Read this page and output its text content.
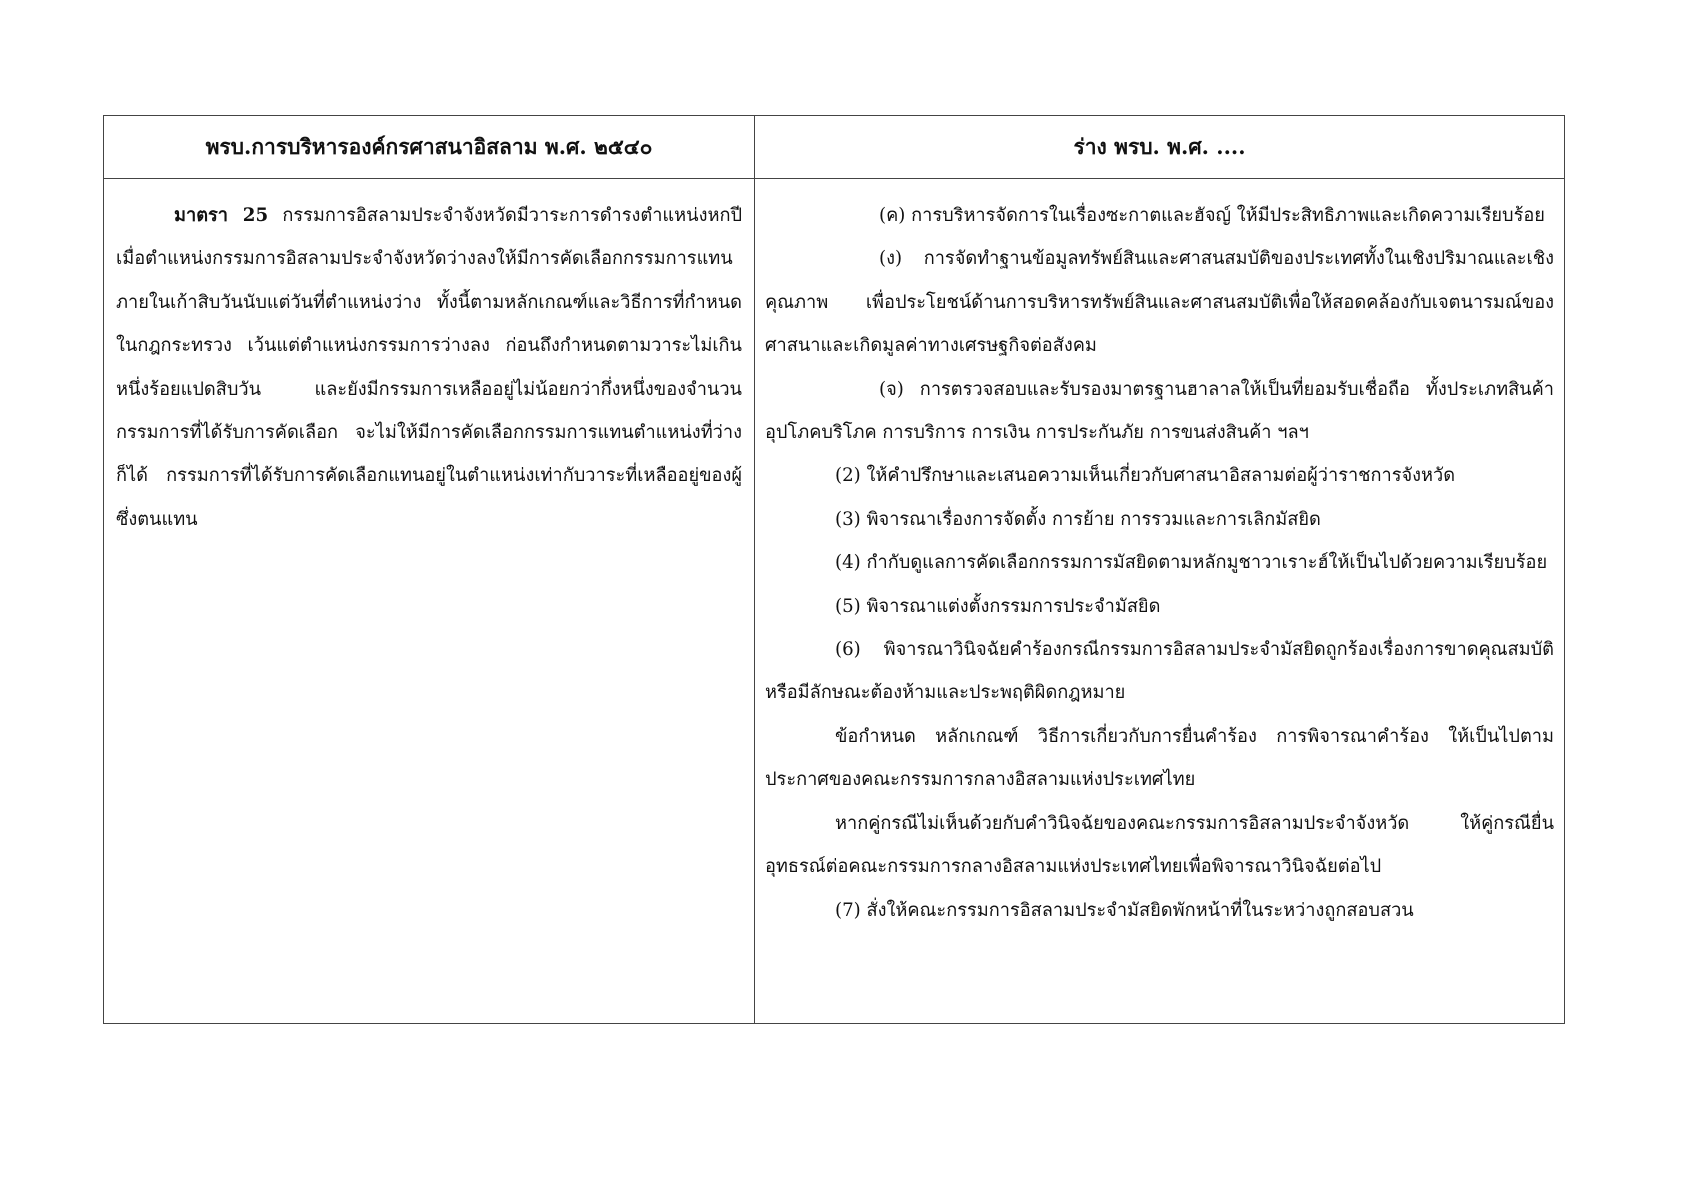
พรบ.การบริหารองค์กรศาสนาอิสลาม พ.ศ. ๒๕๔๐	ร่าง พรบ. พ.ศ. ....

มาตรา 25 กรรมการอิสลามประจำจังหวัดมีวาระการดำรงตำแหน่งหกปี เมื่อตำแหน่งกรรมการอิสลามประจำจังหวัดว่างลงให้มีการคัดเลือกกรรมการแทนภายในเก้าสิบวันนับแต่วันที่ตำแหน่งว่าง ทั้งนี้ตามหลักเกณฑ์และวิธีการที่กำหนดในกฎกระทรวง เว้นแต่ตำแหน่งกรรมการว่างลง ก่อนถึงกำหนดตามวาระไม่เกินหนึ่งร้อยแปดสิบวัน และยังมีกรรมการเหลืออยู่ไม่น้อยกว่ากึ่งหนึ่งของจำนวนกรรมการที่ได้รับการคัดเลือก จะไม่ให้มีการคัดเลือกกรรมการแทนตำแหน่งที่ว่างก็ได้ กรรมการที่ได้รับการคัดเลือกแทนอยู่ในตำแหน่งเท่ากับวาระที่เหลืออยู่ของผู้ซึ่งตนแทน

(ค) การบริหารจัดการในเรื่องซะกาตและฮัจญ์ ให้มีประสิทธิภาพและเกิดความเรียบร้อย

(ง) การจัดทำฐานข้อมูลทรัพย์สินและศาสนสมบัติของประเทศทั้งในเชิงปริมาณและเชิงคุณภาพ เพื่อประโยชน์ด้านการบริหารทรัพย์สินและศาสนสมบัติเพื่อให้สอดคล้องกับเจตนารมณ์ของศาสนาและเกิดมูลค่าทางเศรษฐกิจต่อสังคม

(จ) การตรวจสอบและรับรองมาตรฐานฮาลาลให้เป็นที่ยอมรับเชื่อถือ ทั้งประเภทสินค้าอุปโภคบริโภค การบริการ การเงิน การประกันภัย การขนส่งสินค้า ฯลฯ

(2) ให้คำปรึกษาและเสนอความเห็นเกี่ยวกับศาสนาอิสลามต่อผู้ว่าราชการจังหวัด

(3) พิจารณาเรื่องการจัดตั้ง การย้าย การรวมและการเลิกมัสยิด

(4) กำกับดูแลการคัดเลือกกรรมการมัสยิดตามหลักมูชาวาเราะฮ์ให้เป็นไปด้วยความเรียบร้อย

(5) พิจารณาแต่งตั้งกรรมการประจำมัสยิด

(6) พิจารณาวินิจฉัยคำร้องกรณีกรรมการอิสลามประจำมัสยิดถูกร้องเรื่องการขาดคุณสมบัติหรือมีลักษณะต้องห้ามและประพฤติผิดกฎหมาย

ข้อกำหนด หลักเกณฑ์ วิธีการเกี่ยวกับการยื่นคำร้อง การพิจารณาคำร้อง ให้เป็นไปตามประกาศของคณะกรรมการกลางอิสลามแห่งประเทศไทย

หากคู่กรณีไม่เห็นด้วยกับคำวินิจฉัยของคณะกรรมการอิสลามประจำจังหวัด ให้คู่กรณียื่นอุทธรณ์ต่อคณะกรรมการกลางอิสลามแห่งประเทศไทยเพื่อพิจารณาวินิจฉัยต่อไป

(7) สั่งให้คณะกรรมการอิสลามประจำมัสยิดพักหน้าที่ในระหว่างถูกสอบสวน
